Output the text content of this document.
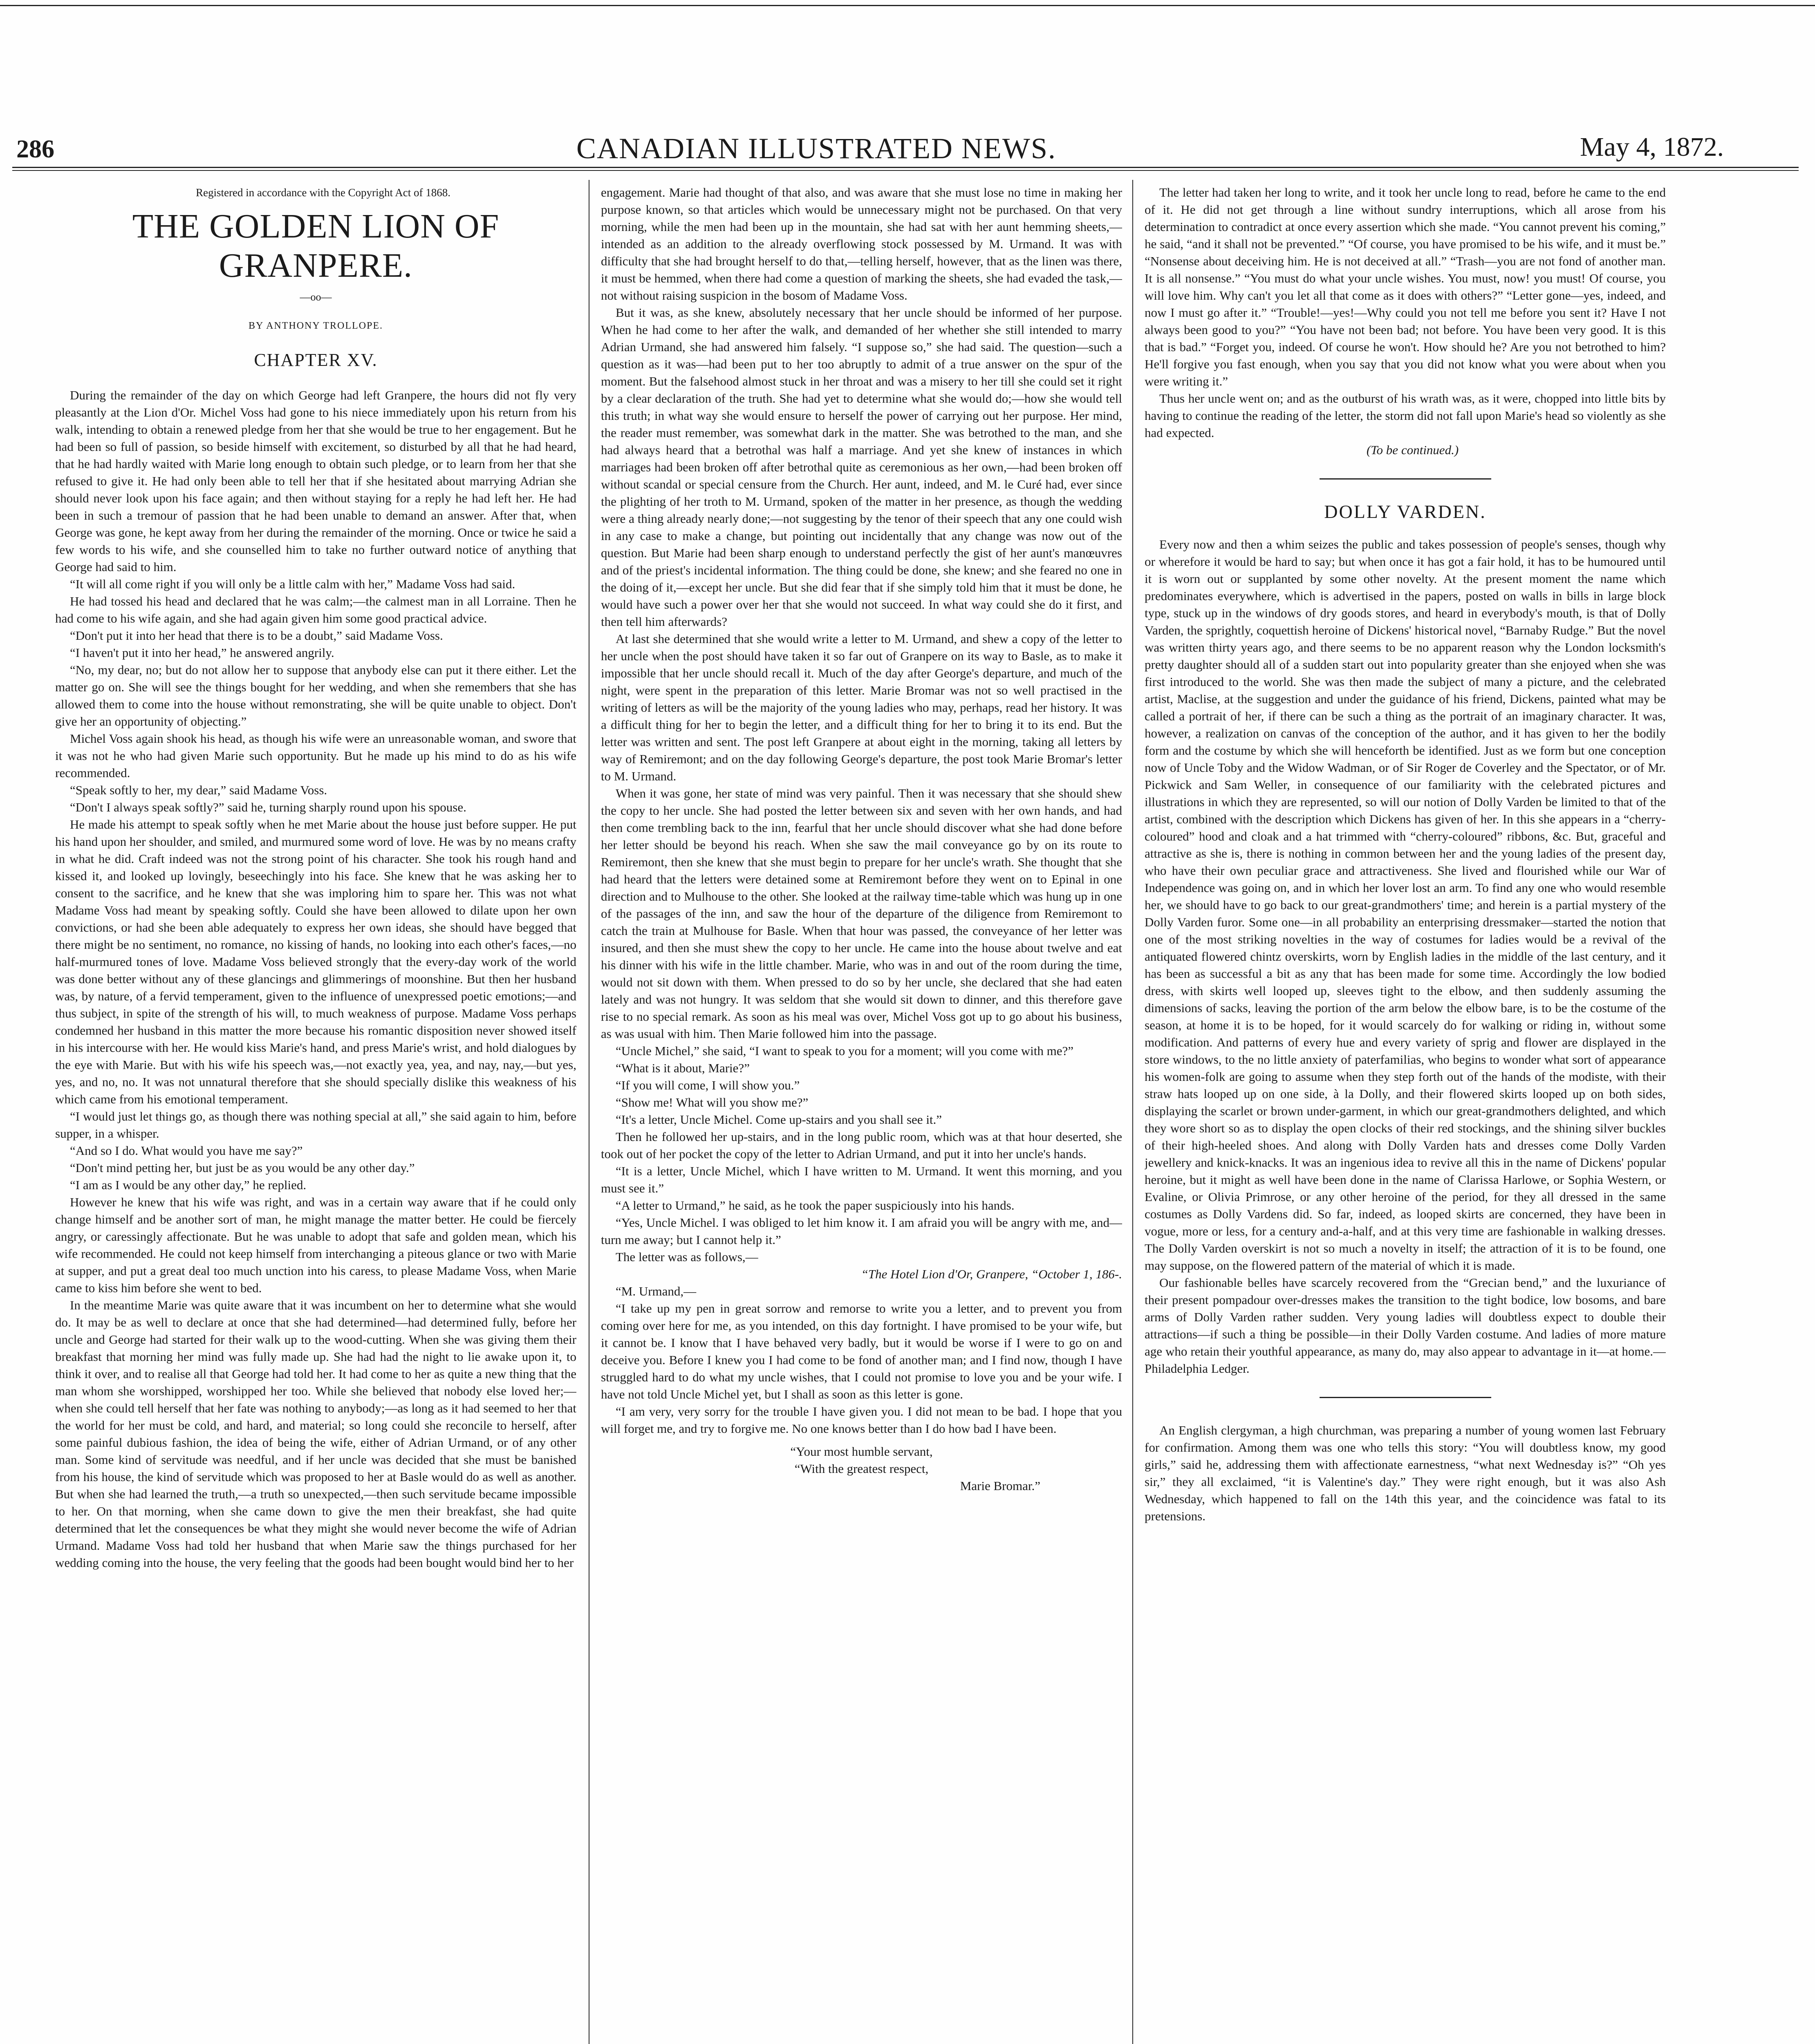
286	CANADIAN ILLUSTRATED NEWS.	May 4, 1872.

Registered in accordance with the Copyright Act of 1868.

THE GOLDEN LION OF GRANPERE.
—oo—
BY ANTHONY TROLLOPE.
CHAPTER XV.

During the remainder of the day on which George had left Granpere, the hours did not fly very pleasantly at the Lion d'Or. Michel Voss had gone to his niece immediately upon his return from his walk, intending to obtain a renewed pledge from her that she would be true to her engagement. But he had been so full of passion, so beside himself with excitement, so disturbed by all that he had heard, that he had hardly waited with Marie long enough to obtain such pledge, or to learn from her that she refused to give it. He had only been able to tell her that if she hesitated about marrying Adrian she should never look upon his face again; and then without staying for a reply he had left her. He had been in such a tremour of passion that he had been unable to demand an answer. After that, when George was gone, he kept away from her during the remainder of the morning. Once or twice he said a few words to his wife, and she counselled him to take no further outward notice of anything that George had said to him.

“It will all come right if you will only be a little calm with her,” Madame Voss had said.

He had tossed his head and declared that he was calm;—the calmest man in all Lorraine. Then he had come to his wife again, and she had again given him some good practical advice.

“Don't put it into her head that there is to be a doubt,” said Madame Voss.

“I haven't put it into her head,” he answered angrily.

“No, my dear, no; but do not allow her to suppose that anybody else can put it there either. Let the matter go on. She will see the things bought for her wedding, and when she remembers that she has allowed them to come into the house without remonstrating, she will be quite unable to object. Don't give her an opportunity of objecting.”

Michel Voss again shook his head, as though his wife were an unreasonable woman, and swore that it was not he who had given Marie such opportunity. But he made up his mind to do as his wife recommended.

“Speak softly to her, my dear,” said Madame Voss.

“Don't I always speak softly?” said he, turning sharply round upon his spouse.

He made his attempt to speak softly when he met Marie about the house just before supper. He put his hand upon her shoulder, and smiled, and murmured some word of love. He was by no means crafty in what he did. Craft indeed was not the strong point of his character. She took his rough hand and kissed it, and looked up lovingly, beseechingly into his face. She knew that he was asking her to consent to the sacrifice, and he knew that she was imploring him to spare her. This was not what Madame Voss had meant by speaking softly. Could she have been allowed to dilate upon her own convictions, or had she been able adequately to express her own ideas, she should have begged that there might be no sentiment, no romance, no kissing of hands, no looking into each other's faces,—no half-murmured tones of love. Madame Voss believed strongly that the every-day work of the world was done better without any of these glancings and glimmerings of moonshine. But then her husband was, by nature, of a fervid temperament, given to the influence of unexpressed poetic emotions;—and thus subject, in spite of the strength of his will, to much weakness of purpose. Madame Voss perhaps condemned her husband in this matter the more because his romantic disposition never showed itself in his intercourse with her. He would kiss Marie's hand, and press Marie's wrist, and hold dialogues by the eye with Marie. But with his wife his speech was,—not exactly yea, yea, and nay, nay,—but yes, yes, and no, no. It was not unnatural therefore that she should specially dislike this weakness of his which came from his emotional temperament.

“I would just let things go, as though there was nothing special at all,” she said again to him, before supper, in a whisper.

“And so I do. What would you have me say?”

“Don't mind petting her, but just be as you would be any other day.”

“I am as I would be any other day,” he replied.

However he knew that his wife was right, and was in a certain way aware that if he could only change himself and be another sort of man, he might manage the matter better. He could be fiercely angry, or caressingly affectionate. But he was unable to adopt that safe and golden mean, which his wife recommended. He could not keep himself from interchanging a piteous glance or two with Marie at supper, and put a great deal too much unction into his caress, to please Madame Voss, when Marie came to kiss him before she went to bed.

In the meantime Marie was quite aware that it was incumbent on her to determine what she would do. It may be as well to declare at once that she had determined—had determined fully, before her uncle and George had started for their walk up to the wood-cutting. When she was giving them their breakfast that morning her mind was fully made up. She had had the night to lie awake upon it, to think it over, and to realise all that George had told her. It had come to her as quite a new thing that the man whom she worshipped, worshipped her too. While she believed that nobody else loved her;—when she could tell herself that her fate was nothing to anybody;—as long as it had seemed to her that the world for her must be cold, and hard, and material; so long could she reconcile to herself, after some painful dubious fashion, the idea of being the wife, either of Adrian Urmand, or of any other man. Some kind of servitude was needful, and if her uncle was decided that she must be banished from his house, the kind of servitude which was proposed to her at Basle would do as well as another. But when she had learned the truth,—a truth so unexpected,—then such servitude became impossible to her. On that morning, when she came down to give the men their breakfast, she had quite determined that let the consequences be what they might she would never become the wife of Adrian Urmand. Madame Voss had told her husband that when Marie saw the things purchased for her wedding coming into the house, the very feeling that the goods had been bought would bind her to her

engagement. Marie had thought of that also, and was aware that she must lose no time in making her purpose known, so that articles which would be unnecessary might not be purchased. On that very morning, while the men had been up in the mountain, she had sat with her aunt hemming sheets,—intended as an addition to the already overflowing stock possessed by M. Urmand. It was with difficulty that she had brought herself to do that,—telling herself, however, that as the linen was there, it must be hemmed, when there had come a question of marking the sheets, she had evaded the task,—not without raising suspicion in the bosom of Madame Voss.

But it was, as she knew, absolutely necessary that her uncle should be informed of her purpose. When he had come to her after the walk, and demanded of her whether she still intended to marry Adrian Urmand, she had answered him falsely. “I suppose so,” she had said. The question—such a question as it was—had been put to her too abruptly to admit of a true answer on the spur of the moment. But the falsehood almost stuck in her throat and was a misery to her till she could set it right by a clear declaration of the truth. She had yet to determine what she would do;—how she would tell this truth; in what way she would ensure to herself the power of carrying out her purpose. Her mind, the reader must remember, was somewhat dark in the matter. She was betrothed to the man, and she had always heard that a betrothal was half a marriage. And yet she knew of instances in which marriages had been broken off after betrothal quite as ceremonious as her own,—had been broken off without scandal or special censure from the Church. Her aunt, indeed, and M. le Curé had, ever since the plighting of her troth to M. Urmand, spoken of the matter in her presence, as though the wedding were a thing already nearly done;—not suggesting by the tenor of their speech that any one could wish in any case to make a change, but pointing out incidentally that any change was now out of the question. But Marie had been sharp enough to understand perfectly the gist of her aunt's manœuvres and of the priest's incidental information. The thing could be done, she knew; and she feared no one in the doing of it,—except her uncle. But she did fear that if she simply told him that it must be done, he would have such a power over her that she would not succeed. In what way could she do it first, and then tell him afterwards?

At last she determined that she would write a letter to M. Urmand, and shew a copy of the letter to her uncle when the post should have taken it so far out of Granpere on its way to Basle, as to make it impossible that her uncle should recall it. Much of the day after George's departure, and much of the night, were spent in the preparation of this letter. Marie Bromar was not so well practised in the writing of letters as will be the majority of the young ladies who may, perhaps, read her history. It was a difficult thing for her to begin the letter, and a difficult thing for her to bring it to its end. But the letter was written and sent. The post left Granpere at about eight in the morning, taking all letters by way of Remiremont; and on the day following George's departure, the post took Marie Bromar's letter to M. Urmand.

When it was gone, her state of mind was very painful. Then it was necessary that she should shew the copy to her uncle. She had posted the letter between six and seven with her own hands, and had then come trembling back to the inn, fearful that her uncle should discover what she had done before her letter should be beyond his reach. When she saw the mail conveyance go by on its route to Remiremont, then she knew that she must begin to prepare for her uncle's wrath. She thought that she had heard that the letters were detained some at Remiremont before they went on to Epinal in one direction and to Mulhouse to the other. She looked at the railway time-table which was hung up in one of the passages of the inn, and saw the hour of the departure of the diligence from Remiremont to catch the train at Mulhouse for Basle. When that hour was passed, the conveyance of her letter was insured, and then she must shew the copy to her uncle. He came into the house about twelve and eat his dinner with his wife in the little chamber. Marie, who was in and out of the room during the time, would not sit down with them. When pressed to do so by her uncle, she declared that she had eaten lately and was not hungry. It was seldom that she would sit down to dinner, and this therefore gave rise to no special remark. As soon as his meal was over, Michel Voss got up to go about his business, as was usual with him. Then Marie followed him into the passage.

“Uncle Michel,” she said, “I want to speak to you for a moment; will you come with me?”

“What is it about, Marie?”

“If you will come, I will show you.”

“Show me! What will you show me?”

“It's a letter, Uncle Michel. Come up-stairs and you shall see it.”

Then he followed her up-stairs, and in the long public room, which was at that hour deserted, she took out of her pocket the copy of the letter to Adrian Urmand, and put it into her uncle's hands.

“It is a letter, Uncle Michel, which I have written to M. Urmand. It went this morning, and you must see it.”

“A letter to Urmand,” he said, as he took the paper suspiciously into his hands.

“Yes, Uncle Michel. I was obliged to let him know it. I am afraid you will be angry with me, and—turn me away; but I cannot help it.”

The letter was as follows,—

“The Hotel Lion d'Or, Granpere, “October 1, 186-.

“M. Urmand,—

“I take up my pen in great sorrow and remorse to write you a letter, and to prevent you from coming over here for me, as you intended, on this day fortnight. I have promised to be your wife, but it cannot be. I know that I have behaved very badly, but it would be worse if I were to go on and deceive you. Before I knew you I had come to be fond of another man; and I find now, though I have struggled hard to do what my uncle wishes, that I could not promise to love you and be your wife. I have not told Uncle Michel yet, but I shall as soon as this letter is gone.

“I am very, very sorry for the trouble I have given you. I did not mean to be bad. I hope that you will forget me, and try to forgive me. No one knows better than I do how bad I have been.

“Your most humble servant,

“With the greatest respect,

Marie Bromar.”

The letter had taken her long to write, and it took her uncle long to read, before he came to the end of it. He did not get through a line without sundry interruptions, which all arose from his determination to contradict at once every assertion which she made. “You cannot prevent his coming,” he said, “and it shall not be prevented.” “Of course, you have promised to be his wife, and it must be.” “Nonsense about deceiving him. He is not deceived at all.” “Trash—you are not fond of another man. It is all nonsense.” “You must do what your uncle wishes. You must, now! you must! Of course, you will love him. Why can't you let all that come as it does with others?” “Letter gone—yes, indeed, and now I must go after it.” “Trouble!—yes!—Why could you not tell me before you sent it? Have I not always been good to you?” “You have not been bad; not before. You have been very good. It is this that is bad.” “Forget you, indeed. Of course he won't. How should he? Are you not betrothed to him? He'll forgive you fast enough, when you say that you did not know what you were about when you were writing it.”

Thus her uncle went on; and as the outburst of his wrath was, as it were, chopped into little bits by having to continue the reading of the letter, the storm did not fall upon Marie's head so violently as she had expected.

(To be continued.)

DOLLY VARDEN.

Every now and then a whim seizes the public and takes possession of people's senses, though why or wherefore it would be hard to say; but when once it has got a fair hold, it has to be humoured until it is worn out or supplanted by some other novelty. At the present moment the name which predominates everywhere, which is advertised in the papers, posted on walls in bills in large block type, stuck up in the windows of dry goods stores, and heard in everybody's mouth, is that of Dolly Varden, the sprightly, coquettish heroine of Dickens' historical novel, “Barnaby Rudge.” But the novel was written thirty years ago, and there seems to be no apparent reason why the London locksmith's pretty daughter should all of a sudden start out into popularity greater than she enjoyed when she was first introduced to the world. She was then made the subject of many a picture, and the celebrated artist, Maclise, at the suggestion and under the guidance of his friend, Dickens, painted what may be called a portrait of her, if there can be such a thing as the portrait of an imaginary character. It was, however, a realization on canvas of the conception of the author, and it has given to her the bodily form and the costume by which she will henceforth be identified. Just as we form but one conception now of Uncle Toby and the Widow Wadman, or of Sir Roger de Coverley and the Spectator, or of Mr. Pickwick and Sam Weller, in consequence of our familiarity with the celebrated pictures and illustrations in which they are represented, so will our notion of Dolly Varden be limited to that of the artist, combined with the description which Dickens has given of her. In this she appears in a “cherry-coloured” hood and cloak and a hat trimmed with “cherry-coloured” ribbons, &c. But, graceful and attractive as she is, there is nothing in common between her and the young ladies of the present day, who have their own peculiar grace and attractiveness. She lived and flourished while our War of Independence was going on, and in which her lover lost an arm. To find any one who would resemble her, we should have to go back to our great-grandmothers' time; and herein is a partial mystery of the Dolly Varden furor. Some one—in all probability an enterprising dressmaker—started the notion that one of the most striking novelties in the way of costumes for ladies would be a revival of the antiquated flowered chintz overskirts, worn by English ladies in the middle of the last century, and it has been as successful a bit as any that has been made for some time. Accordingly the low bodied dress, with skirts well looped up, sleeves tight to the elbow, and then suddenly assuming the dimensions of sacks, leaving the portion of the arm below the elbow bare, is to be the costume of the season, at home it is to be hoped, for it would scarcely do for walking or riding in, without some modification. And patterns of every hue and every variety of sprig and flower are displayed in the store windows, to the no little anxiety of paterfamilias, who begins to wonder what sort of appearance his women-folk are going to assume when they step forth out of the hands of the modiste, with their straw hats looped up on one side, à la Dolly, and their flowered skirts looped up on both sides, displaying the scarlet or brown under-garment, in which our great-grandmothers delighted, and which they wore short so as to display the open clocks of their red stockings, and the shining silver buckles of their high-heeled shoes. And along with Dolly Varden hats and dresses come Dolly Varden jewellery and knick-knacks. It was an ingenious idea to revive all this in the name of Dickens' popular heroine, but it might as well have been done in the name of Clarissa Harlowe, or Sophia Western, or Evaline, or Olivia Primrose, or any other heroine of the period, for they all dressed in the same costumes as Dolly Vardens did. So far, indeed, as looped skirts are concerned, they have been in vogue, more or less, for a century and-a-half, and at this very time are fashionable in walking dresses. The Dolly Varden overskirt is not so much a novelty in itself; the attraction of it is to be found, one may suppose, on the flowered pattern of the material of which it is made.

Our fashionable belles have scarcely recovered from the “Grecian bend,” and the luxuriance of their present pompadour over-dresses makes the transition to the tight bodice, low bosoms, and bare arms of Dolly Varden rather sudden. Very young ladies will doubtless expect to double their attractions—if such a thing be possible—in their Dolly Varden costume. And ladies of more mature age who retain their youthful appearance, as many do, may also appear to advantage in it—at home.—Philadelphia Ledger.

An English clergyman, a high churchman, was preparing a number of young women last February for confirmation. Among them was one who tells this story: “You will doubtless know, my good girls,” said he, addressing them with affectionate earnestness, “what next Wednesday is?” “Oh yes sir,” they all exclaimed, “it is Valentine's day.” They were right enough, but it was also Ash Wednesday, which happened to fall on the 14th this year, and the coincidence was fatal to its pretensions.
